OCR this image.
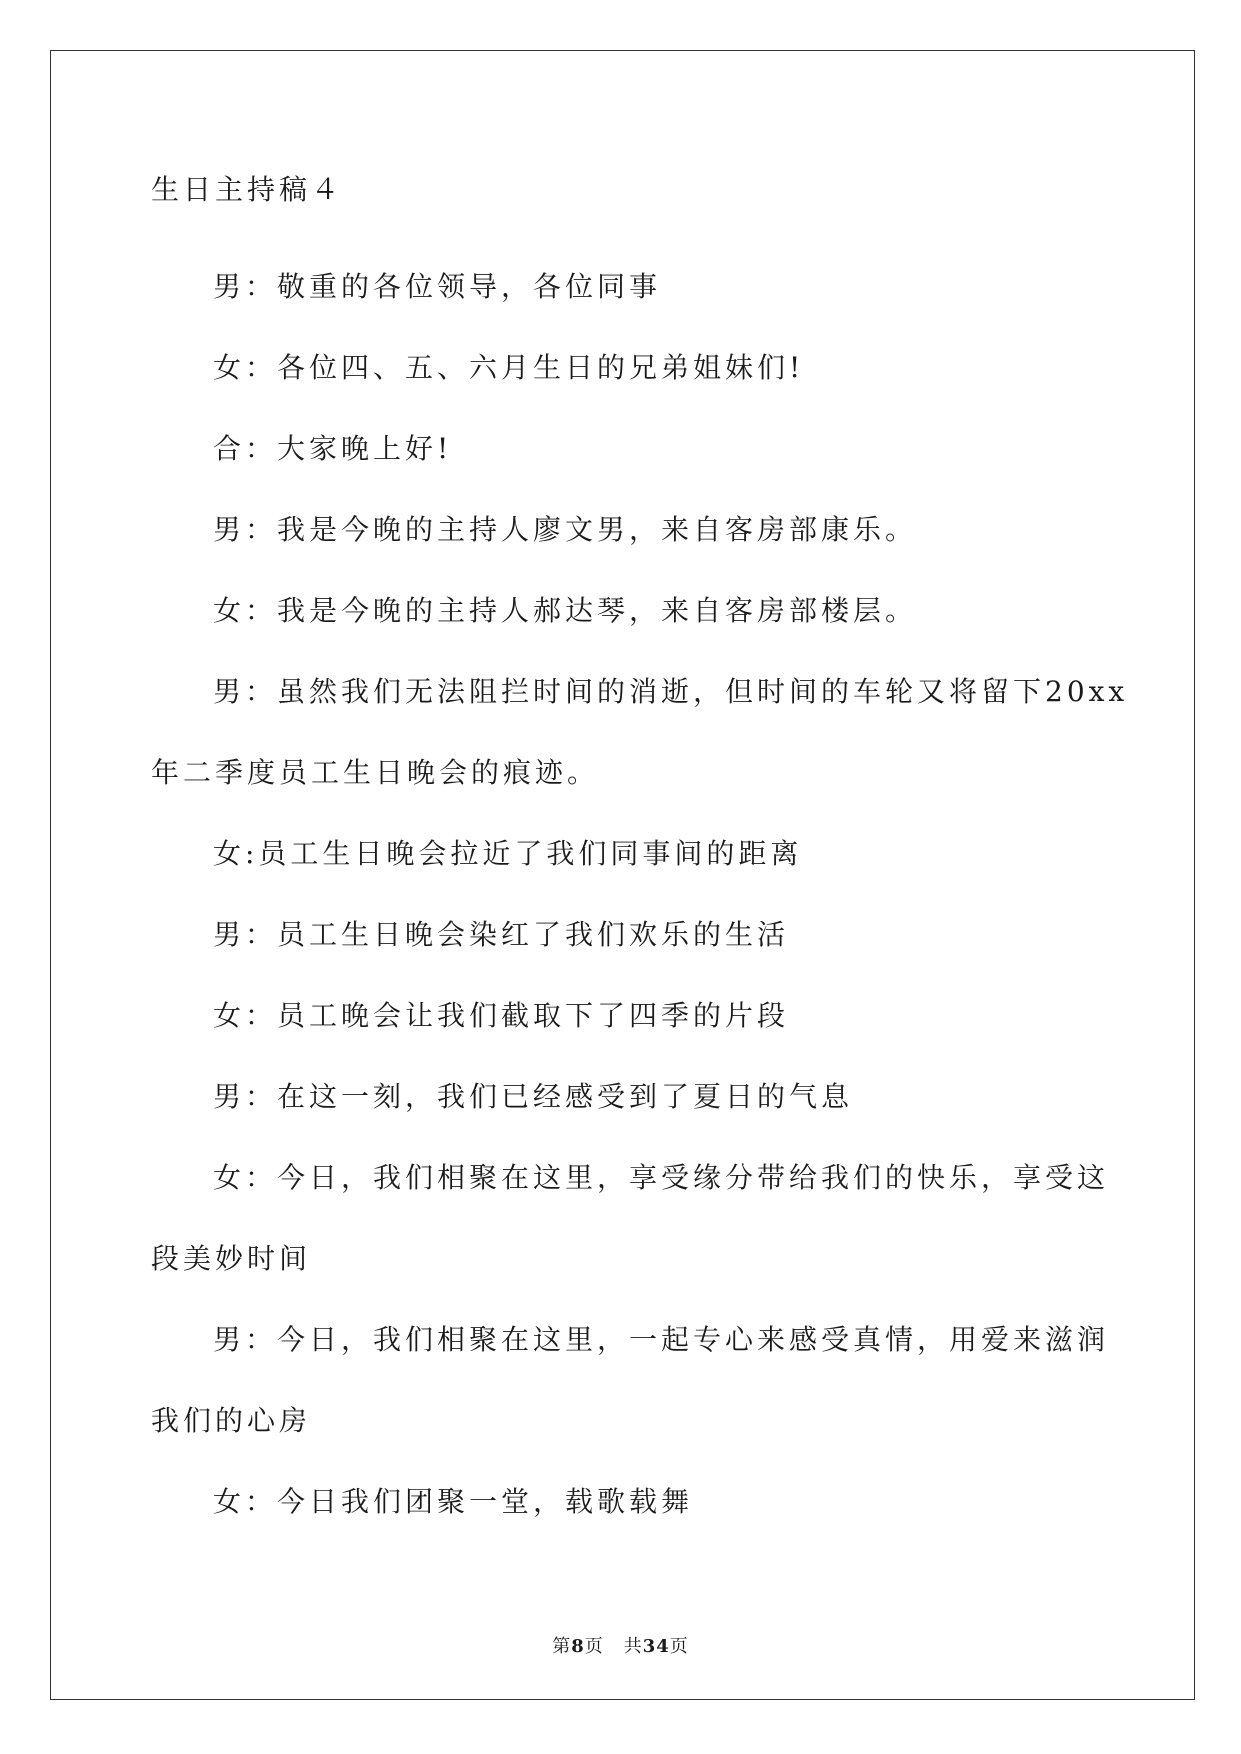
生日主持稿４
男：敬重的各位领导，各位同事
女：各位四、五、六月生日的兄弟姐妹们!
合：大家晚上好!
男：我是今晚的主持人廖文男，来自客房部康乐。
女：我是今晚的主持人郝达琴，来自客房部楼层。
男：虽然我们无法阻拦时间的消逝，但时间的车轮又将留下20xx
年二季度员工生日晚会的痕迹。
女:员工生日晚会拉近了我们同事间的距离
男：员工生日晚会染红了我们欢乐的生活
女：员工晚会让我们截取下了四季的片段
男：在这一刻，我们已经感受到了夏日的气息
女：今日，我们相聚在这里，享受缘分带给我们的快乐，享受这
段美妙时间
男：今日，我们相聚在这里，一起专心来感受真情，用爱来滋润
我们的心房
女：今日我们团聚一堂，载歌载舞
第8页 共34页
